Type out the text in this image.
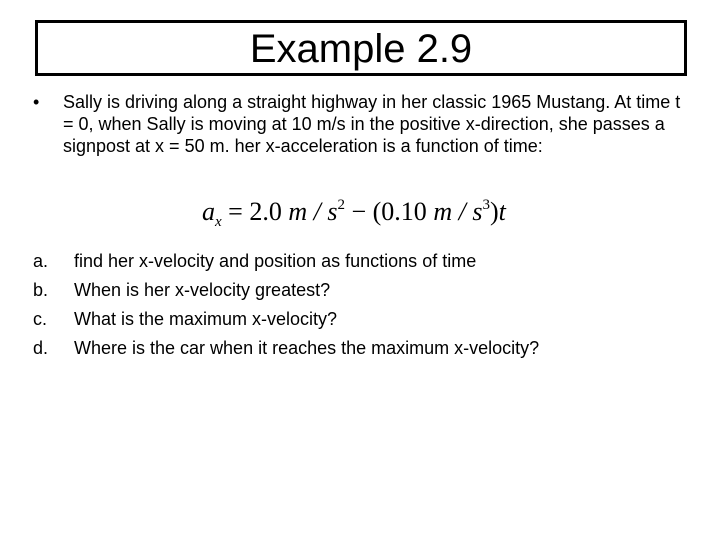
Example 2.9
• Sally is driving along a straight highway in her classic 1965 Mustang. At time t = 0, when Sally is moving at 10 m/s in the positive x-direction, she passes a signpost at x = 50 m. her x-acceleration is a function of time:
$a_x = 2.0$ $m / s^2 - (0.10$ m / $s^3)t$
a.	find her x-velocity and position as functions of time
b.	When is her x-velocity greatest?
c.	What is the maximum x-velocity?
d.	Where is the car when it reaches the maximum x-velocity?
